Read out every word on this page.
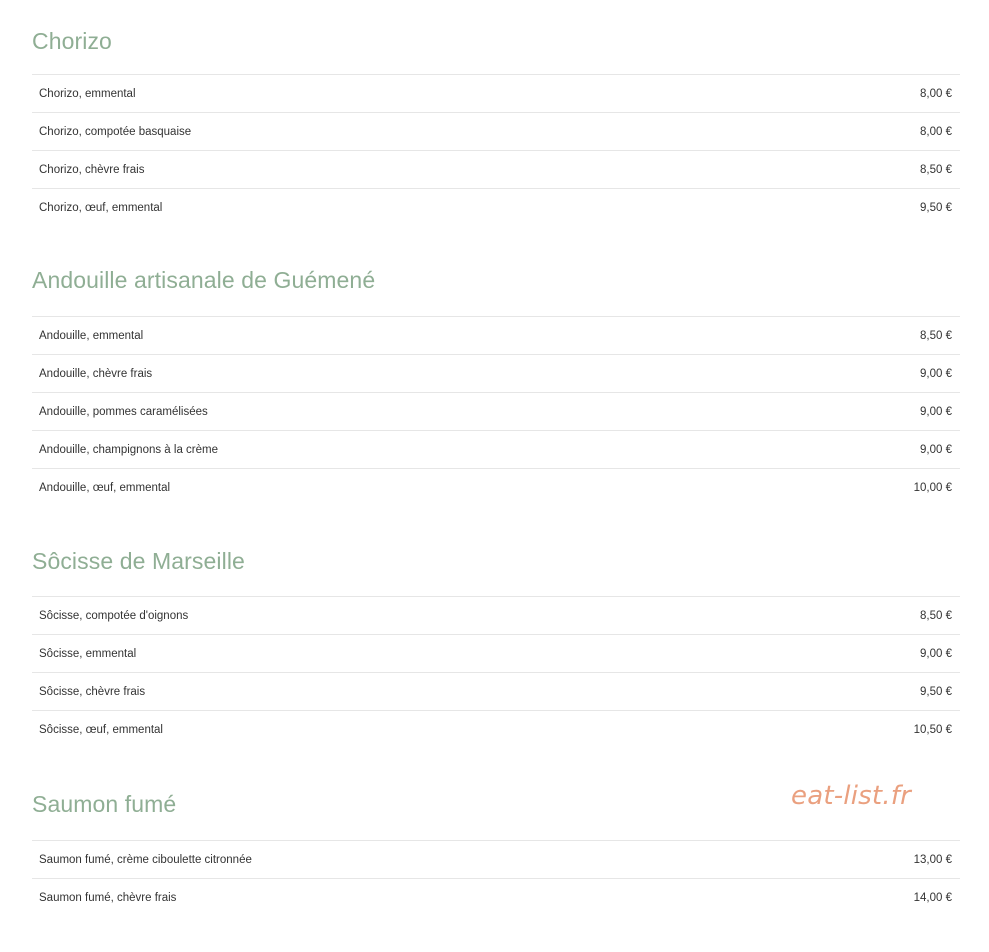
Chorizo
Chorizo, emmental	8,00 €
Chorizo, compotée basquaise	8,00 €
Chorizo, chèvre frais	8,50 €
Chorizo, œuf, emmental	9,50 €
Andouille artisanale de Guémené
Andouille, emmental	8,50 €
Andouille, chèvre frais	9,00 €
Andouille, pommes caramélisées	9,00 €
Andouille, champignons à la crème	9,00 €
Andouille, œuf, emmental	10,00 €
Sôcisse de Marseille
Sôcisse, compotée d'oignons	8,50 €
Sôcisse, emmental	9,00 €
Sôcisse, chèvre frais	9,50 €
Sôcisse, œuf, emmental	10,50 €
Saumon fumé
Saumon fumé, crème ciboulette citronnée	13,00 €
Saumon fumé, chèvre frais	14,00 €
eat-list.fr
